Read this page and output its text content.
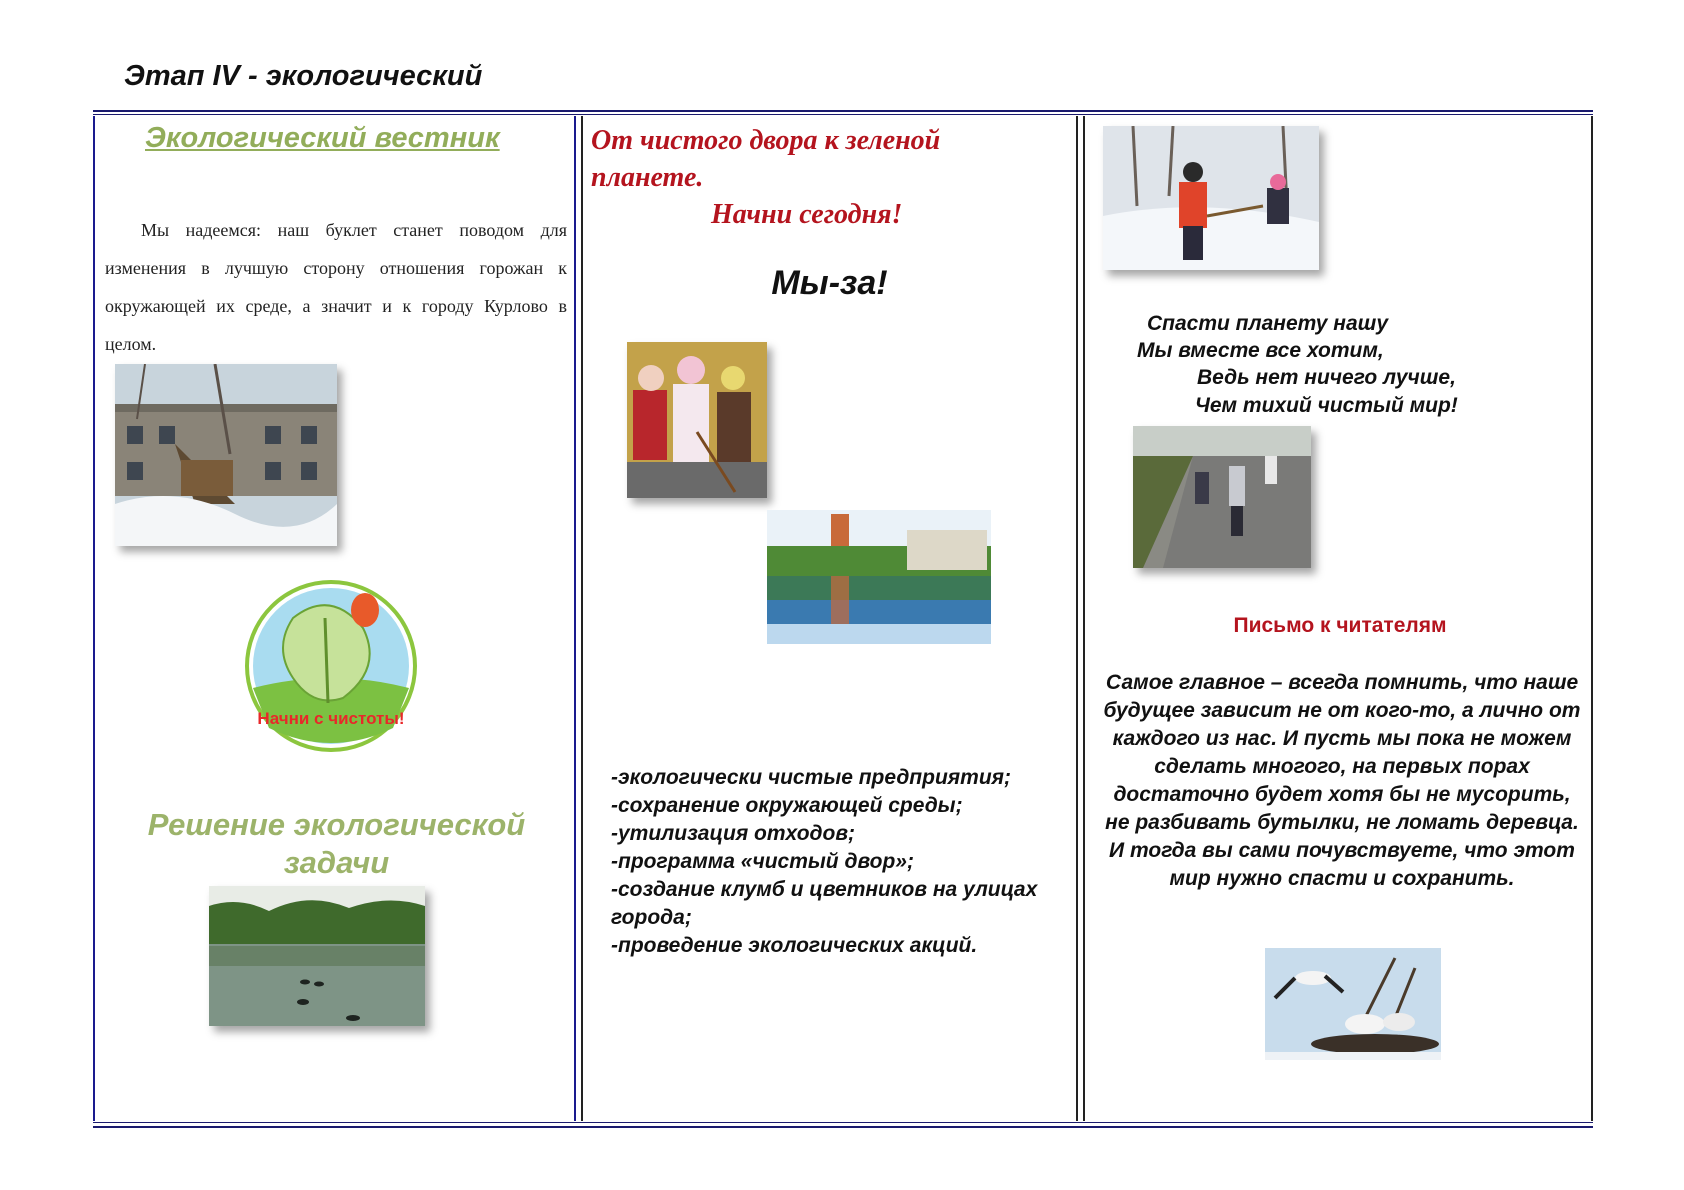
Этап IV - экологический
Экологический вестник

Мы надеемся: наш буклет станет поводом для изменения в лучшую сторону отношения горожан к окружающей их среде, а значит и к городу Курлово в целом.

Начни с чистоты!
Решение экологической
задачи
От чистого двора к зеленой
планете.
Начни сегодня!
Мы-за!
-экологически чистые предприятия;
-сохранение окружающей среды;
-утилизация отходов;
-программа «чистый двор»;
-создание клумб и цветников на улицах города;
-проведение экологических акций.
Спасти планету нашу
Мы вместе все хотим,
Ведь нет ничего лучше,
Чем тихий чистый мир!
Письмо к читателям
Самое главное – всегда помнить, что наше будущее зависит не от кого-то, а лично от каждого из нас. И пусть мы пока не можем сделать многого, на первых порах достаточно будет хотя бы не мусорить, не разбивать бутылки, не ломать деревца.
И тогда вы сами почувствуете, что этот мир нужно спасти и сохранить.
